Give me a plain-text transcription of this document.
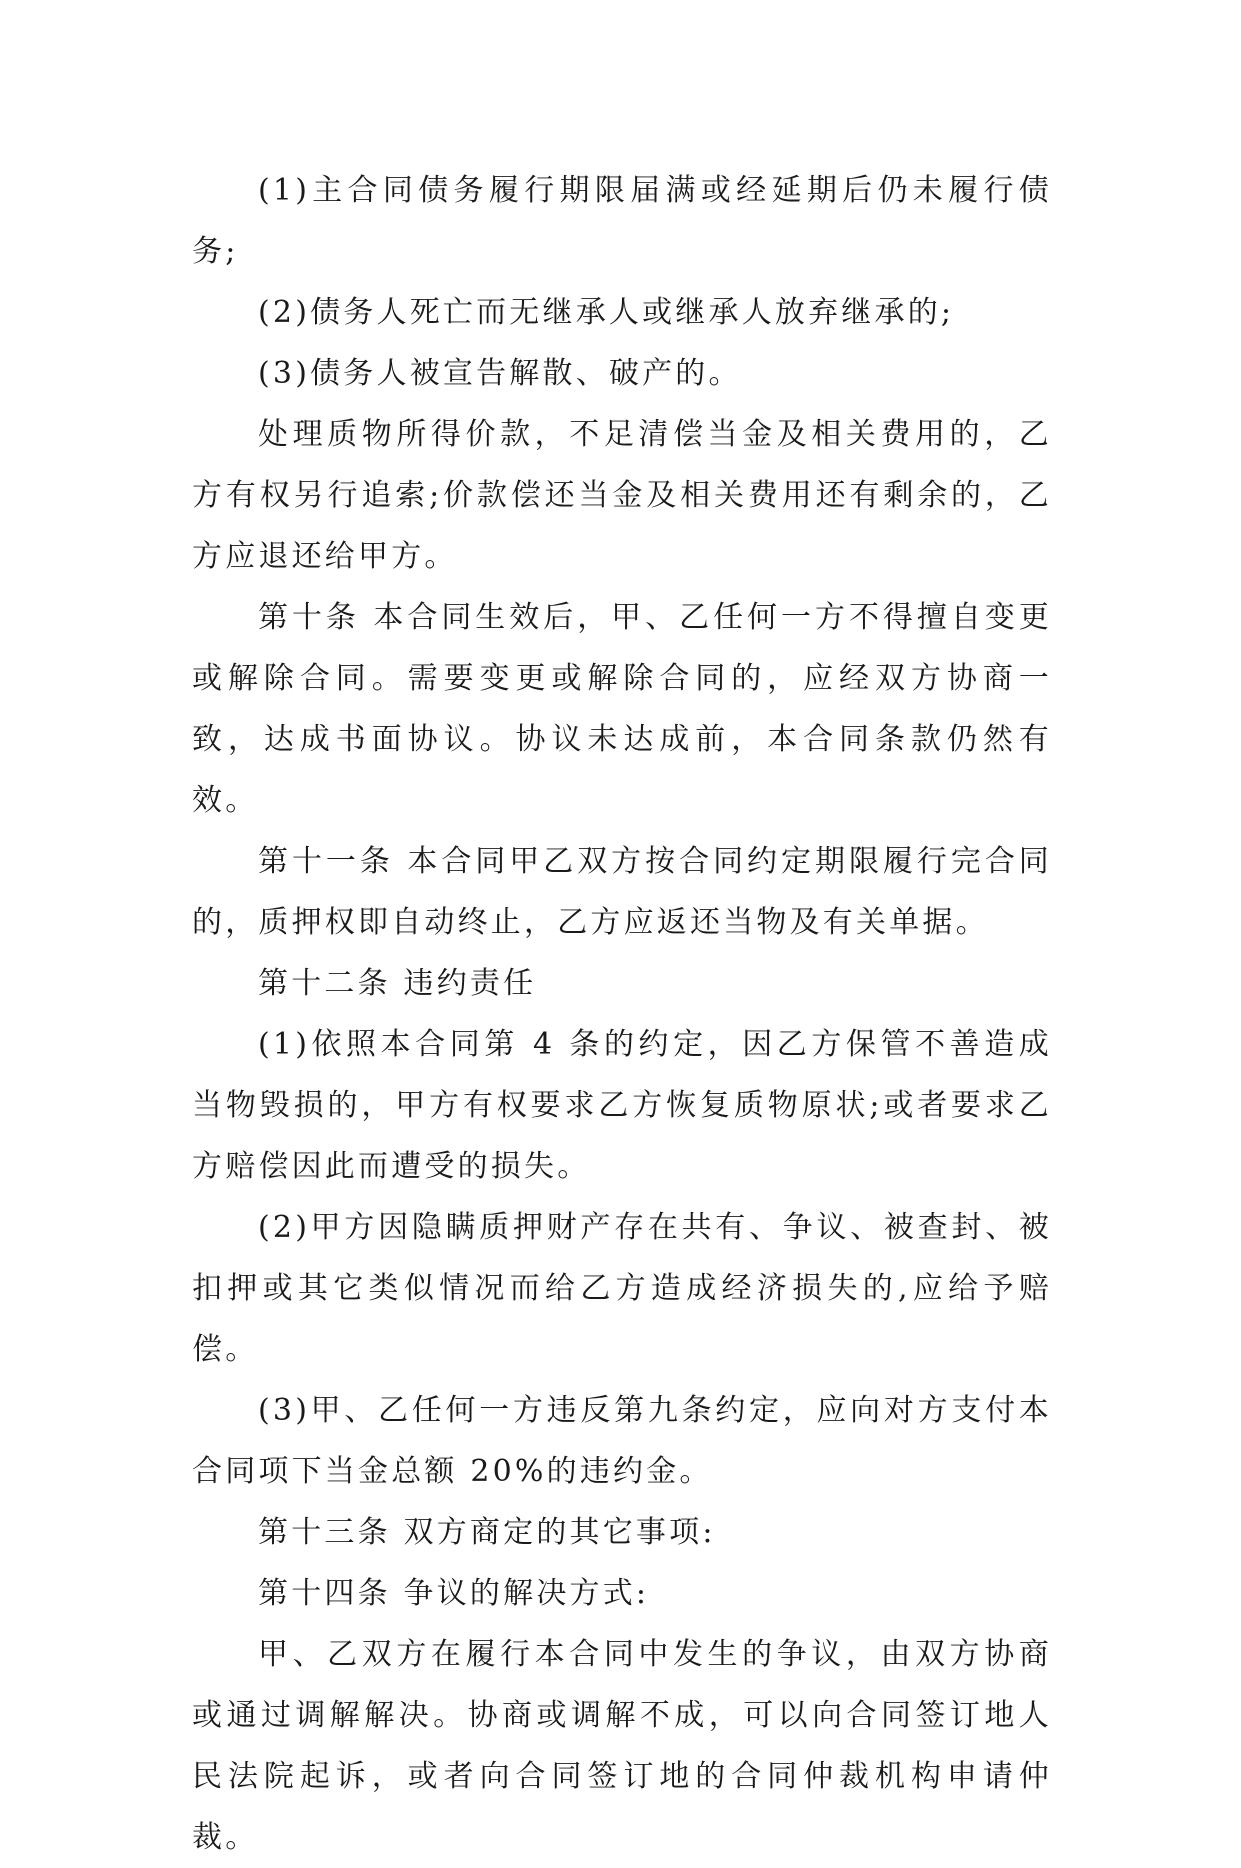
(1)主合同债务履行期限届满或经延期后仍未履行债务;

(2)债务人死亡而无继承人或继承人放弃继承的;

(3)债务人被宣告解散、破产的。

处理质物所得价款，不足清偿当金及相关费用的，乙方有权另行追索;价款偿还当金及相关费用还有剩余的，乙方应退还给甲方。

第十条 本合同生效后，甲、乙任何一方不得擅自变更或解除合同。需要变更或解除合同的，应经双方协商一致，达成书面协议。协议未达成前，本合同条款仍然有效。

第十一条 本合同甲乙双方按合同约定期限履行完合同的，质押权即自动终止，乙方应返还当物及有关单据。

第十二条 违约责任

(1)依照本合同第 4 条的约定，因乙方保管不善造成当物毁损的，甲方有权要求乙方恢复质物原状;或者要求乙方赔偿因此而遭受的损失。

(2)甲方因隐瞒质押财产存在共有、争议、被查封、被扣押或其它类似情况而给乙方造成经济损失的,应给予赔偿。

(3)甲、乙任何一方违反第九条约定，应向对方支付本合同项下当金总额 20%的违约金。

第十三条 双方商定的其它事项:

第十四条 争议的解决方式:

甲、乙双方在履行本合同中发生的争议，由双方协商或通过调解解决。协商或调解不成，可以向合同签订地人民法院起诉，或者向合同签订地的合同仲裁机构申请仲裁。
